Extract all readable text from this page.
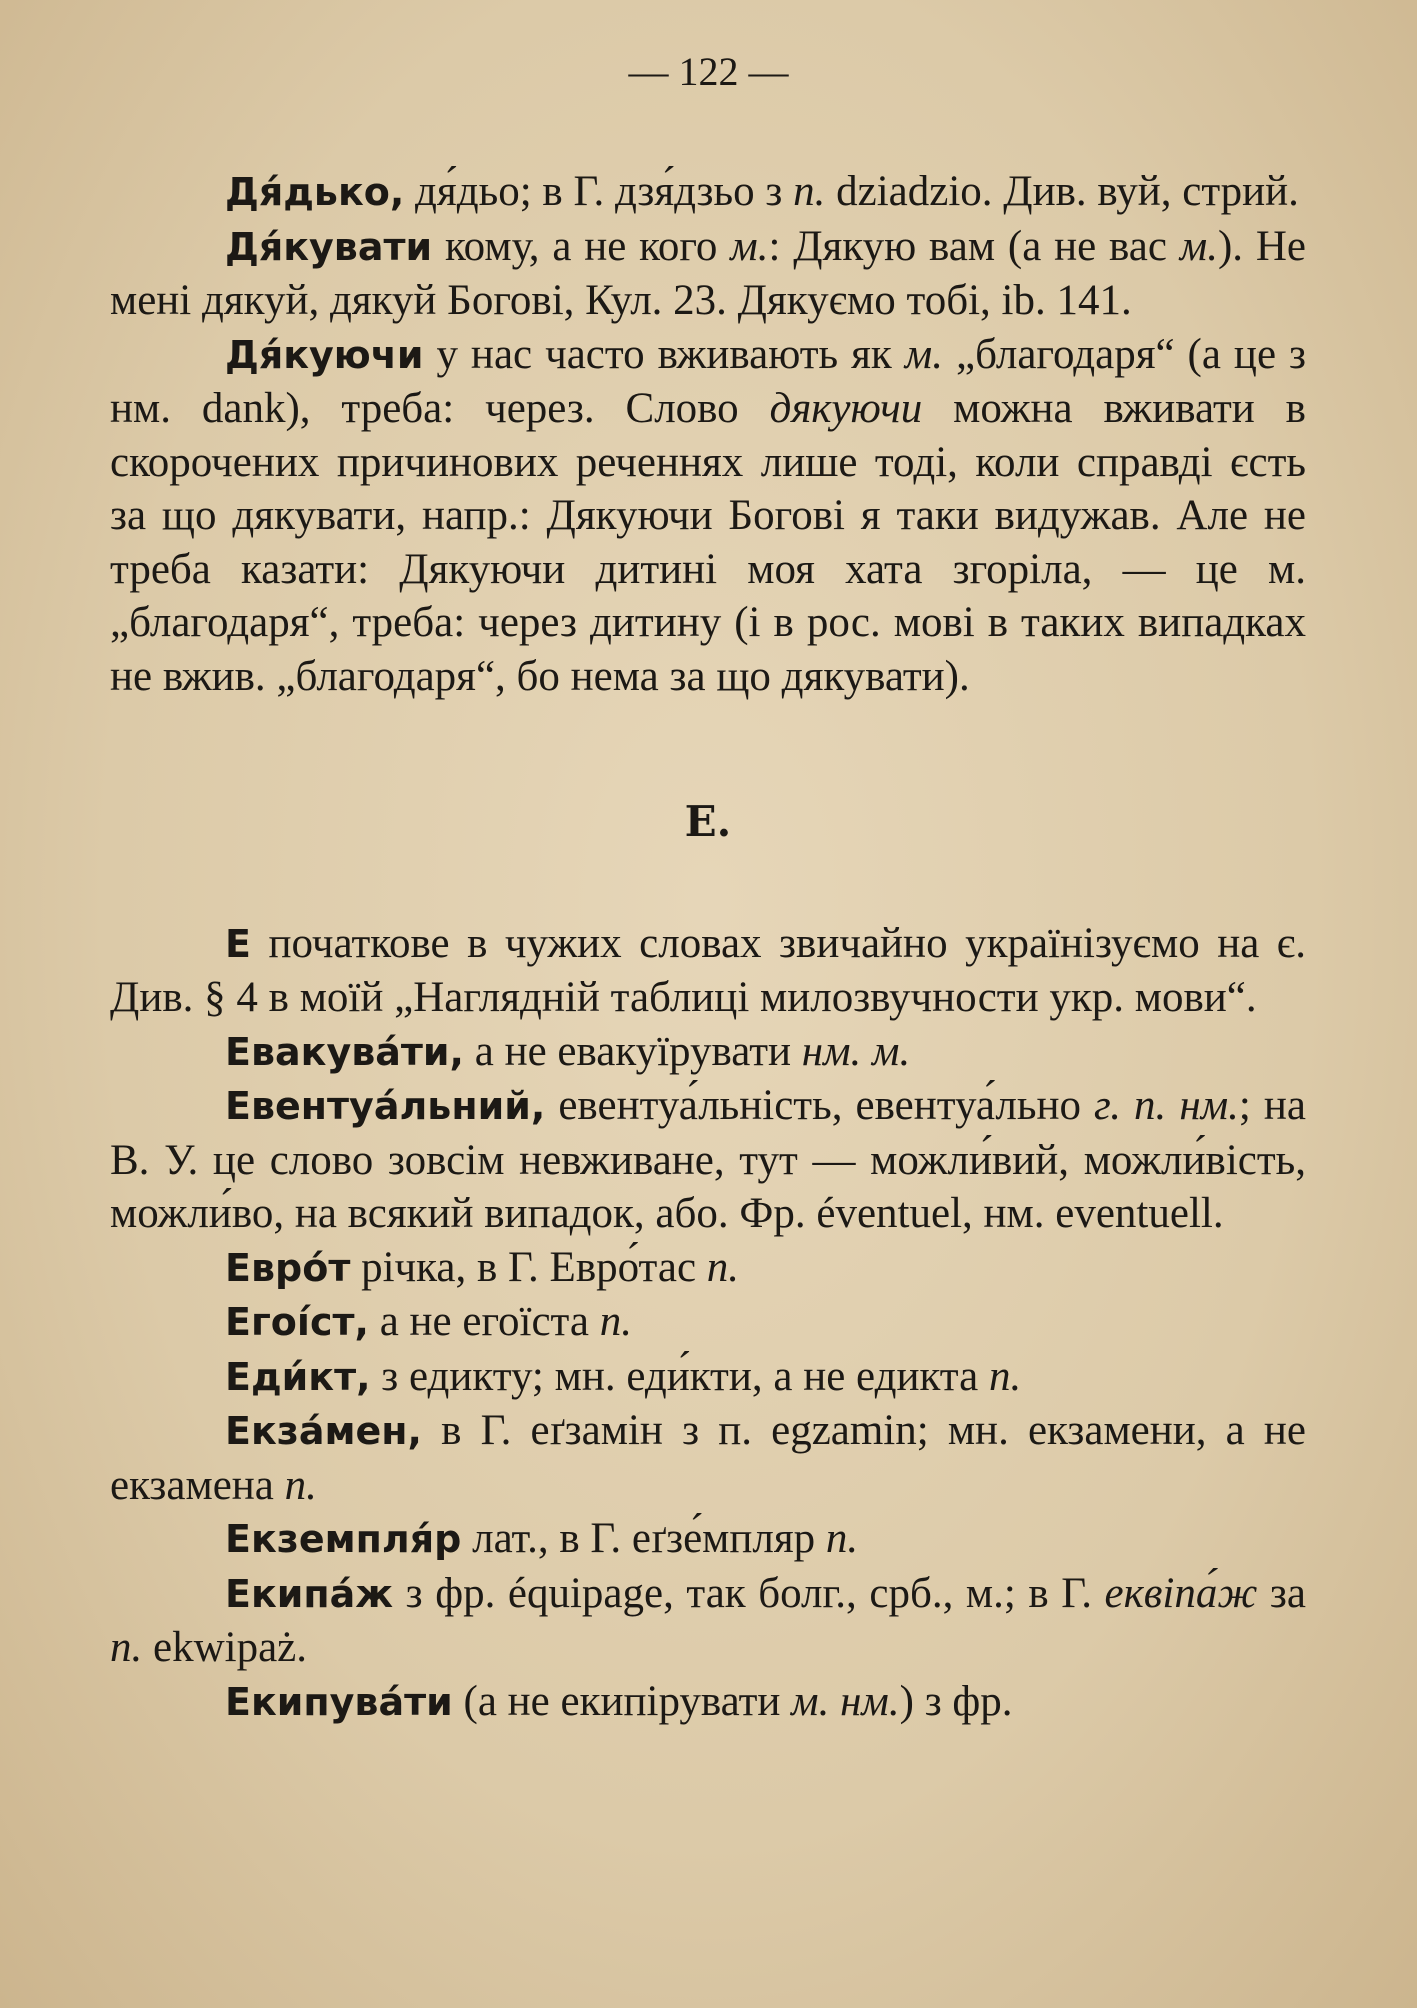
— 122 —

Дя́дько, дя́дьо; в Г. дзя́дзьо з п. dziadzio. Див. вуй, стрий.

Дя́кувати кому, а не кого м.: Дякую вам (а не вас м.). Не мені дякуй, дякуй Богові, Кул. 23. Дякуємо тобі, ib. 141.

Дя́куючи у нас часто вживають як м. „благодаря“ (а це з нм. dank), треба: через. Слово дякуючи можна вживати в скорочених причинових реченнях лише тоді, коли справді єсть за що дякувати, напр.: Дякуючи Богові я таки видужав. Але не треба казати: Дякуючи дитині моя хата згоріла, — це м. „благодаря“, треба: через дитину (і в рос. мові в таких випадках не вжив. „благодаря“, бо нема за що дякувати).

Е.

Е початкове в чужих словах звичайно українізуємо на є. Див. § 4 в моїй „Наглядній таблиці милозвучности укр. мови“.

Евакува́ти, а не евакуїрувати нм. м.

Евентуа́льний, евентуа́льність, евентуа́льно г. п. нм.; на В. У. це слово зовсім невживане, тут — можли́вий, можли́вість, можли́во, на всякий випадок, або. Фр. éventuel, нм. eventuell.

Евро́т річка, в Г. Евро́тас п.

Егоі́ст, а не егоїста п.

Еди́кт, з едикту; мн. еди́кти, а не едикта п.

Екза́мен, в Г. еґзамін з п. egzamin; мн. екзамени, а не екзамена п.

Екземпля́р лат., в Г. еґзе́мпляр п.

Екипа́ж з фр. équipage, так болг., срб., м.; в Г. еквіпа́ж за п. ekwipaż.

Екипува́ти (а не екипірувати м. нм.) з фр.
